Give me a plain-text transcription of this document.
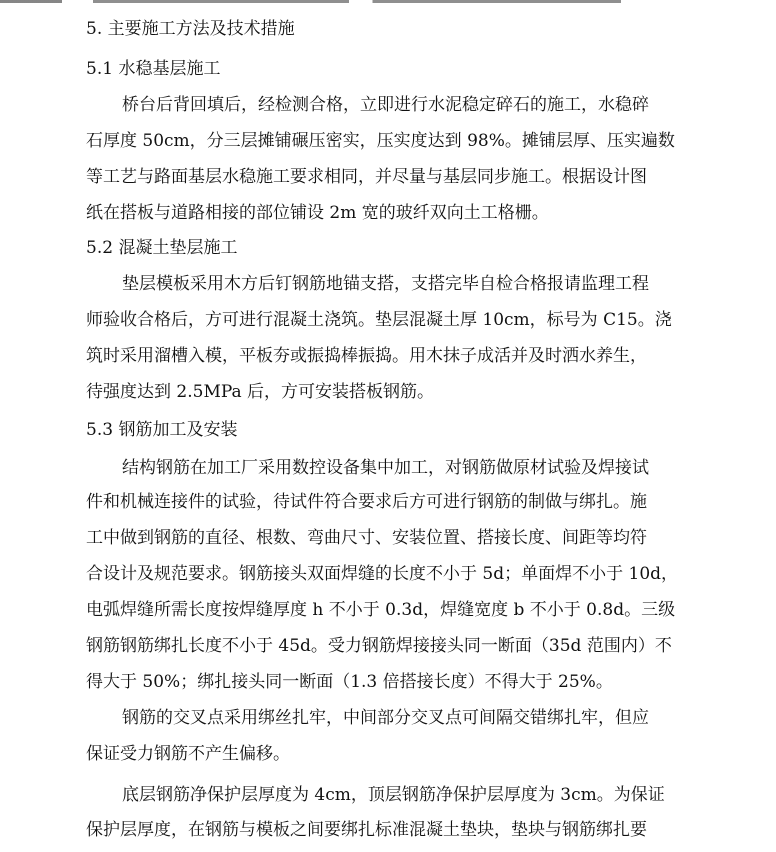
5. 主要施工方法及技术措施
5.1 水稳基层施工
桥台后背回填后，经检测合格，立即进行水泥稳定碎石的施工，水稳碎
石厚度 50cm，分三层摊铺碾压密实，压实度达到 98%。摊铺层厚、压实遍数
等工艺与路面基层水稳施工要求相同，并尽量与基层同步施工。根据设计图
纸在搭板与道路相接的部位铺设 2m 宽的玻纤双向土工格栅。
5.2 混凝土垫层施工
垫层模板采用木方后钉钢筋地锚支搭，支搭完毕自检合格报请监理工程
师验收合格后，方可进行混凝土浇筑。垫层混凝土厚 10cm，标号为 C15。浇
筑时采用溜槽入模，平板夯或振捣棒振捣。用木抹子成活并及时洒水养生，
待强度达到 2.5MPa 后，方可安装搭板钢筋。
5.3 钢筋加工及安装
结构钢筋在加工厂采用数控设备集中加工，对钢筋做原材试验及焊接试
件和机械连接件的试验，待试件符合要求后方可进行钢筋的制做与绑扎。施
工中做到钢筋的直径、根数、弯曲尺寸、安装位置、搭接长度、间距等均符
合设计及规范要求。钢筋接头双面焊缝的长度不小于 5d；单面焊不小于 10d，
电弧焊缝所需长度按焊缝厚度 h 不小于 0.3d，焊缝宽度 b 不小于 0.8d。三级
钢筋钢筋绑扎长度不小于 45d。受力钢筋焊接接头同一断面（35d 范围内）不
得大于 50%；绑扎接头同一断面（1.3 倍搭接长度）不得大于 25%。
钢筋的交叉点采用绑丝扎牢，中间部分交叉点可间隔交错绑扎牢，但应
保证受力钢筋不产生偏移。
底层钢筋净保护层厚度为 4cm，顶层钢筋净保护层厚度为 3cm。为保证
保护层厚度，在钢筋与模板之间要绑扎标准混凝土垫块，垫块与钢筋绑扎要
